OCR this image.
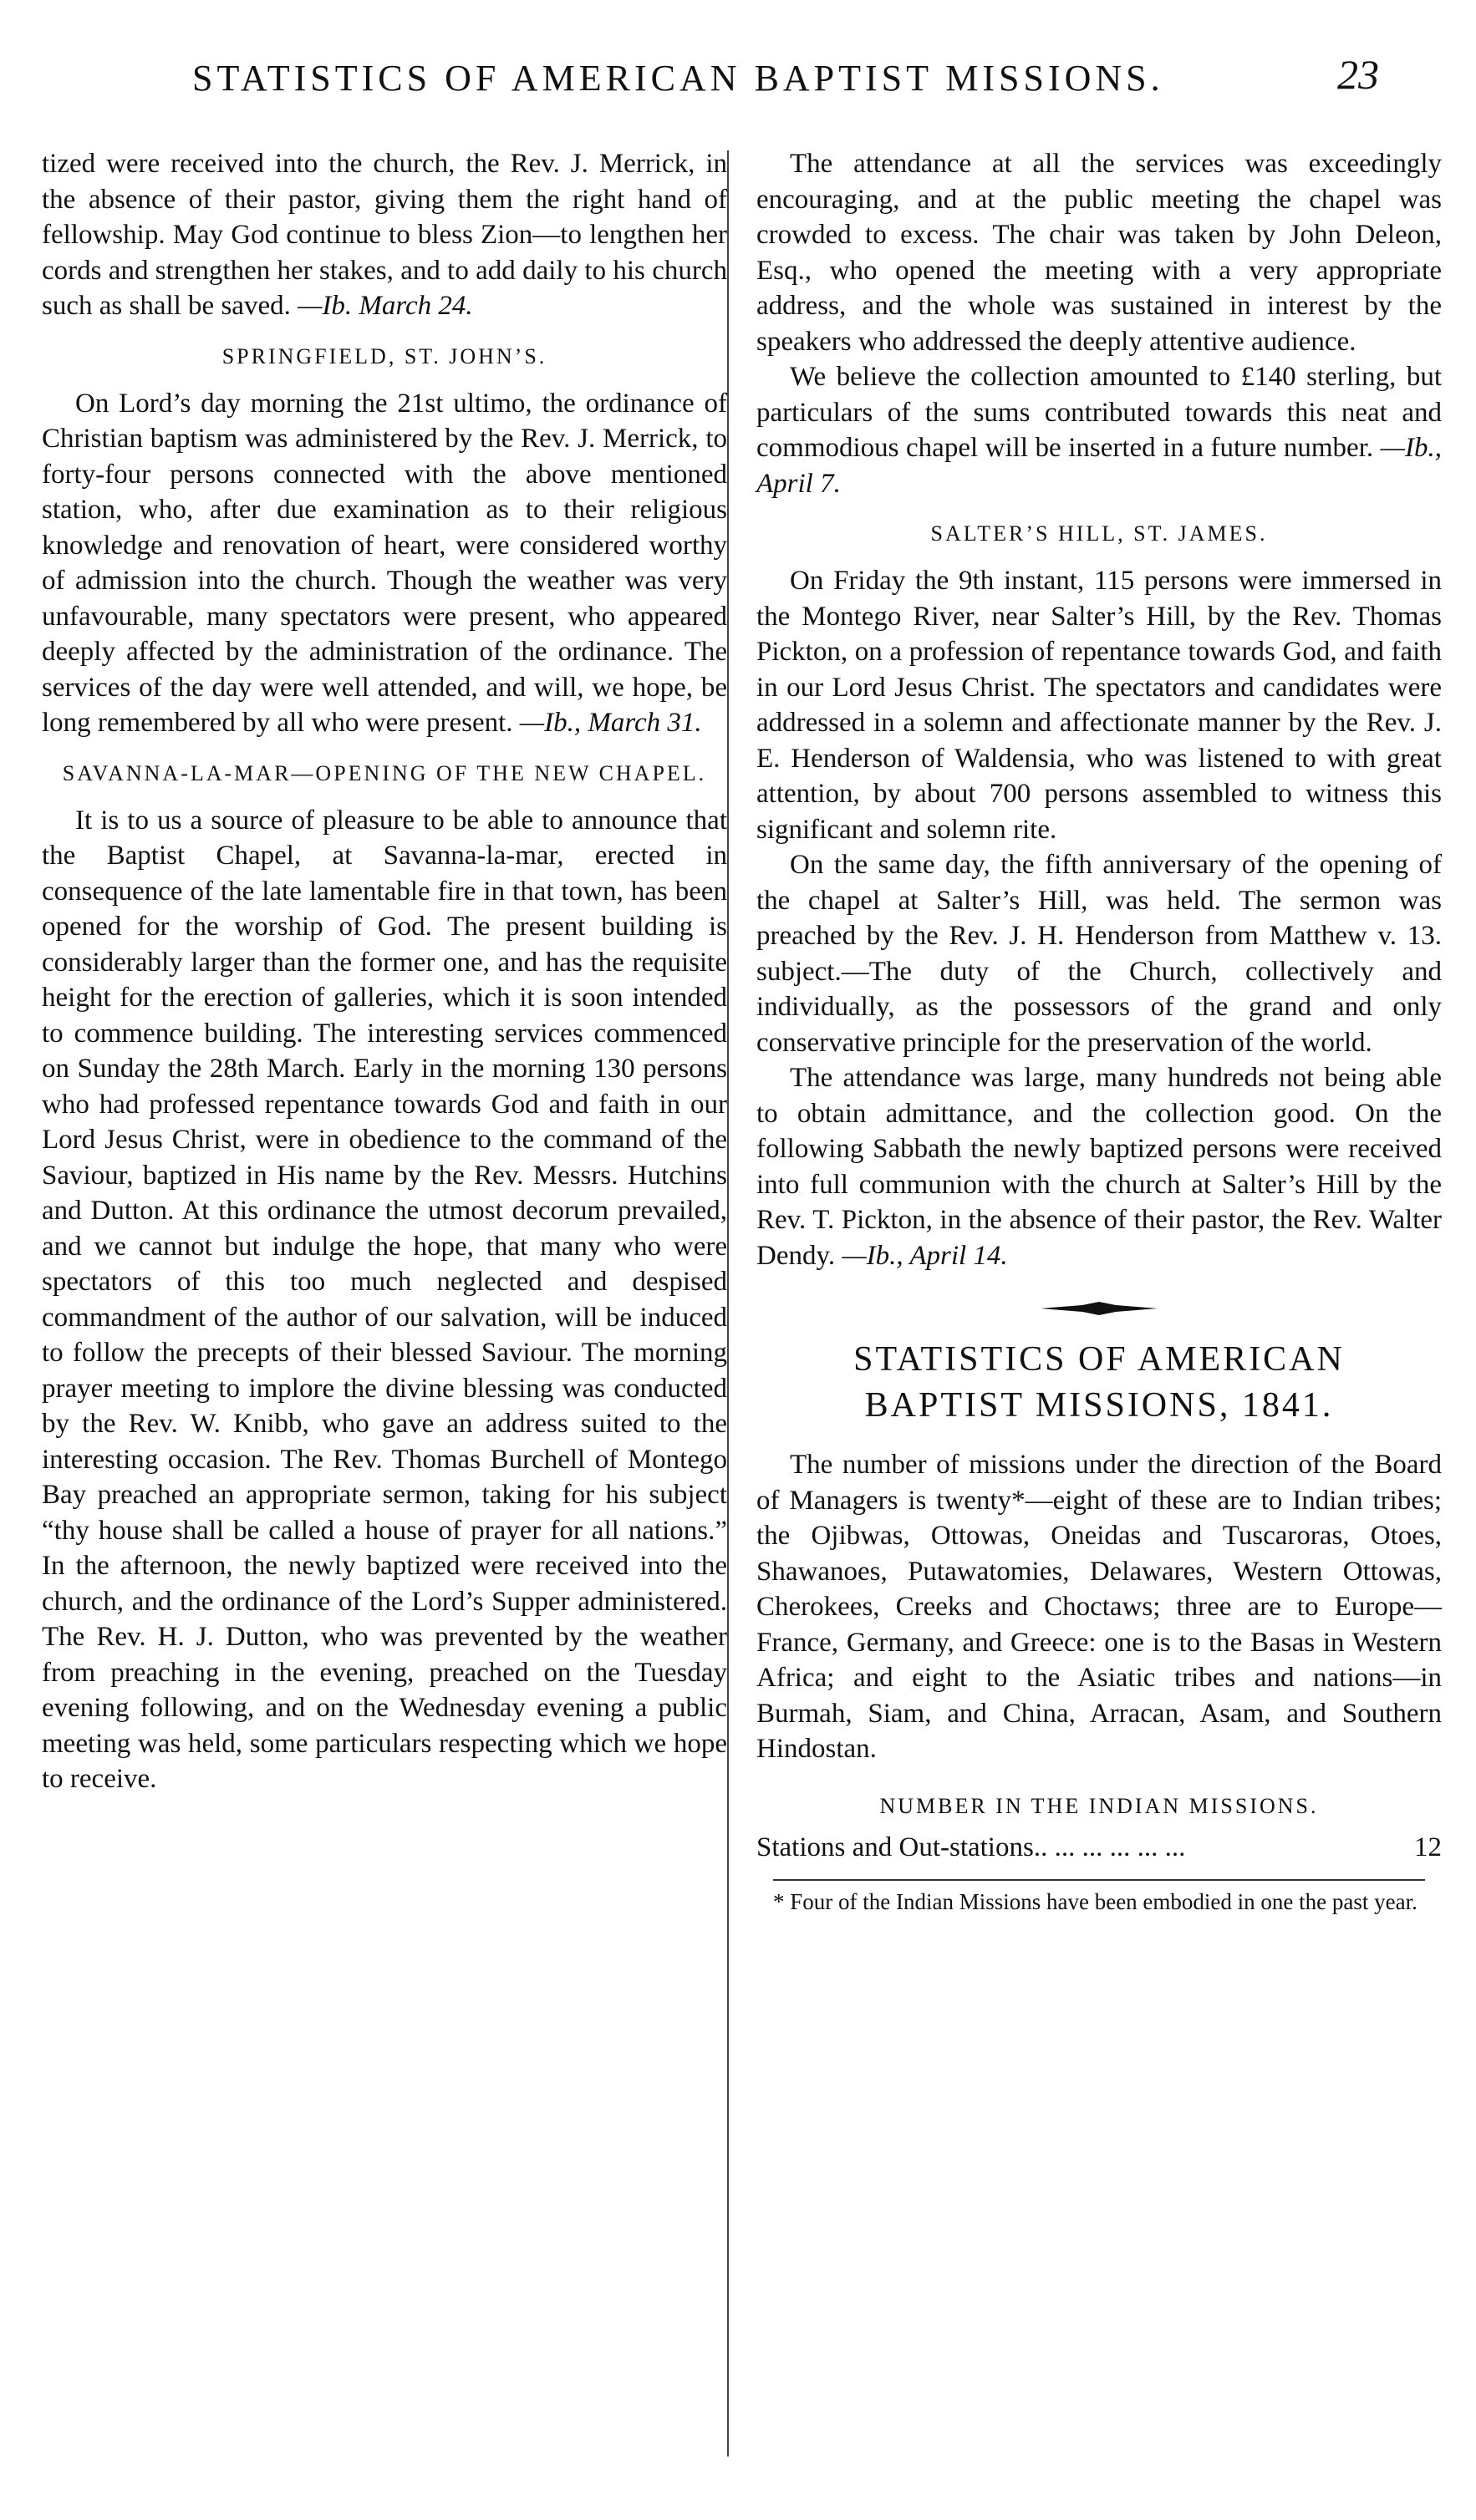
STATISTICS OF AMERICAN BAPTIST MISSIONS.	23

tized were received into the church, the Rev. J. Merrick, in the absence of their pastor, giving them the right hand of fellowship. May God continue to bless Zion—to lengthen her cords and strengthen her stakes, and to add daily to his church such as shall be saved. —Ib. March 24.

SPRINGFIELD, ST. JOHN’S.

On Lord’s day morning the 21st ultimo, the ordinance of Christian baptism was administered by the Rev. J. Merrick, to forty-four persons connected with the above mentioned station, who, after due examination as to their religious knowledge and renovation of heart, were considered worthy of admission into the church. Though the weather was very unfavourable, many spectators were present, who appeared deeply affected by the administration of the ordinance. The services of the day were well attended, and will, we hope, be long remembered by all who were present. —Ib., March 31.

SAVANNA-LA-MAR—OPENING OF THE NEW CHAPEL.

It is to us a source of pleasure to be able to announce that the Baptist Chapel, at Savanna-la-mar, erected in consequence of the late lamentable fire in that town, has been opened for the worship of God. The present building is considerably larger than the former one, and has the requisite height for the erection of galleries, which it is soon intended to commence building. The interesting services commenced on Sunday the 28th March. Early in the morning 130 persons who had professed repentance towards God and faith in our Lord Jesus Christ, were in obedience to the command of the Saviour, baptized in His name by the Rev. Messrs. Hutchins and Dutton. At this ordinance the utmost decorum prevailed, and we cannot but indulge the hope, that many who were spectators of this too much neglected and despised commandment of the author of our salvation, will be induced to follow the precepts of their blessed Saviour. The morning prayer meeting to implore the divine blessing was conducted by the Rev. W. Knibb, who gave an address suited to the interesting occasion. The Rev. Thomas Burchell of Montego Bay preached an appropriate sermon, taking for his subject “thy house shall be called a house of prayer for all nations.” In the afternoon, the newly baptized were received into the church, and the ordinance of the Lord’s Supper administered. The Rev. H. J. Dutton, who was prevented by the weather from preaching in the evening, preached on the Tuesday evening following, and on the Wednesday evening a public meeting was held, some particulars respecting which we hope to receive.

The attendance at all the services was exceedingly encouraging, and at the public meeting the chapel was crowded to excess. The chair was taken by John Deleon, Esq., who opened the meeting with a very appropriate address, and the whole was sustained in interest by the speakers who addressed the deeply attentive audience.

We believe the collection amounted to £140 sterling, but particulars of the sums contributed towards this neat and commodious chapel will be inserted in a future number. —Ib., April 7.

SALTER’S HILL, ST. JAMES.

On Friday the 9th instant, 115 persons were immersed in the Montego River, near Salter’s Hill, by the Rev. Thomas Pickton, on a profession of repentance towards God, and faith in our Lord Jesus Christ. The spectators and candidates were addressed in a solemn and affectionate manner by the Rev. J. E. Henderson of Waldensia, who was listened to with great attention, by about 700 persons assembled to witness this significant and solemn rite.

On the same day, the fifth anniversary of the opening of the chapel at Salter’s Hill, was held. The sermon was preached by the Rev. J. H. Henderson from Matthew v. 13. subject.—The duty of the Church, collectively and individually, as the possessors of the grand and only conservative principle for the preservation of the world.

The attendance was large, many hundreds not being able to obtain admittance, and the collection good. On the following Sabbath the newly baptized persons were received into full communion with the church at Salter’s Hill by the Rev. T. Pickton, in the absence of their pastor, the Rev. Walter Dendy. —Ib., April 14.

STATISTICS OF AMERICAN
BAPTIST MISSIONS, 1841.

The number of missions under the direction of the Board of Managers is twenty*—eight of these are to Indian tribes; the Ojibwas, Ottowas, Oneidas and Tuscaroras, Otoes, Shawanoes, Putawatomies, Delawares, Western Ottowas, Cherokees, Creeks and Choctaws; three are to Europe—France, Germany, and Greece: one is to the Basas in Western Africa; and eight to the Asiatic tribes and nations—in Burmah, Siam, and China, Arracan, Asam, and Southern Hindostan.

NUMBER IN THE INDIAN MISSIONS.
Stations and Out-stations.. ... ... ... ... ...	12

* Four of the Indian Missions have been embodied in one the past year.
